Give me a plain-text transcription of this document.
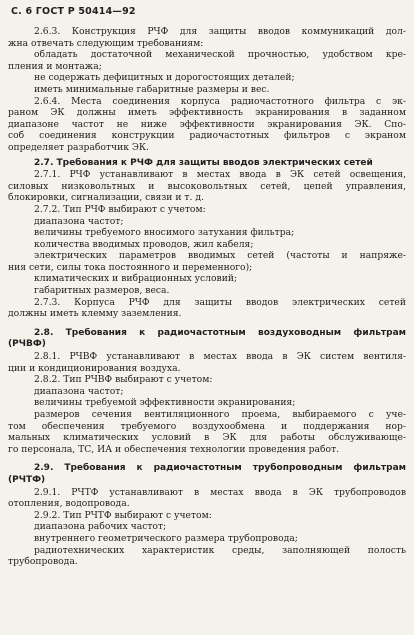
С. 6 ГОСТ Р 50414—92

2.6.3. Конструкция РЧФ для защиты вводов коммуникаций дол-

жна отвечать следующим требованиям:

обладать достаточной механической прочностью, удобством кре-

пления и монтажа;

не содержать дефицитных и дорогостоящих деталей;

иметь минимальные габаритные размеры и вес.

2.6.4. Места соединения корпуса радиочастотного фильтра с эк-

раном ЭК должны иметь эффективность экранирования в заданном

диапазоне частот не ниже эффективности экранирования ЭК. Спо-

соб соединения конструкции радиочастотных фильтров с экраном

определяет разработчик ЭК.

2.7. Требования к РЧФ для защиты вводов электрических сетей

2.7.1. РЧФ устанавливают в местах ввода в ЭК сетей освещения,

силовых низковольтных и высоковольтных сетей, цепей управления,

блокировки, сигнализации, связи и т. д.

2.7.2. Тип РЧФ выбирают с учетом:

диапазона частот;

величины требуемого вносимого затухания фильтра;

количества вводимых проводов, жил кабеля;

электрических параметров вводимых сетей (частоты и напряже-

ния сети, силы тока постоянного и переменного);

климатических и вибрационных условий;

габаритных размеров, веса.

2.7.3. Корпуса РЧФ для защиты вводов электрических сетей

должны иметь клемму заземления.

2.8. Требования к радиочастотным воздуховодным фильтрам

(РЧВФ)

2.8.1. РЧВФ устанавливают в местах ввода в ЭК систем вентиля-

ции и кондиционирования воздуха.

2.8.2. Тип РЧВФ выбирают с учетом:

диапазона частот;

величины требуемой эффективности экранирования;

размеров сечения вентиляционного проема, выбираемого с уче-

том обеспечения требуемого воздухообмена и поддержания нор-

мальных климатических условий в ЭК для работы обслуживающе-

го персонала, ТС, ИА и обеспечения технологии проведения работ.

2.9. Требования к радиочастотным трубопроводным фильтрам

(РЧТФ)

2.9.1. РЧТФ устанавливают в местах ввода в ЭК трубопроводов

отопления, водопровода.

2.9.2. Тип РЧТФ выбирают с учетом:

диапазона рабочих частот;

внутреннего геометрического размера трубопровода;

радиотехнических характеристик среды, заполняющей полость

трубопровода.
